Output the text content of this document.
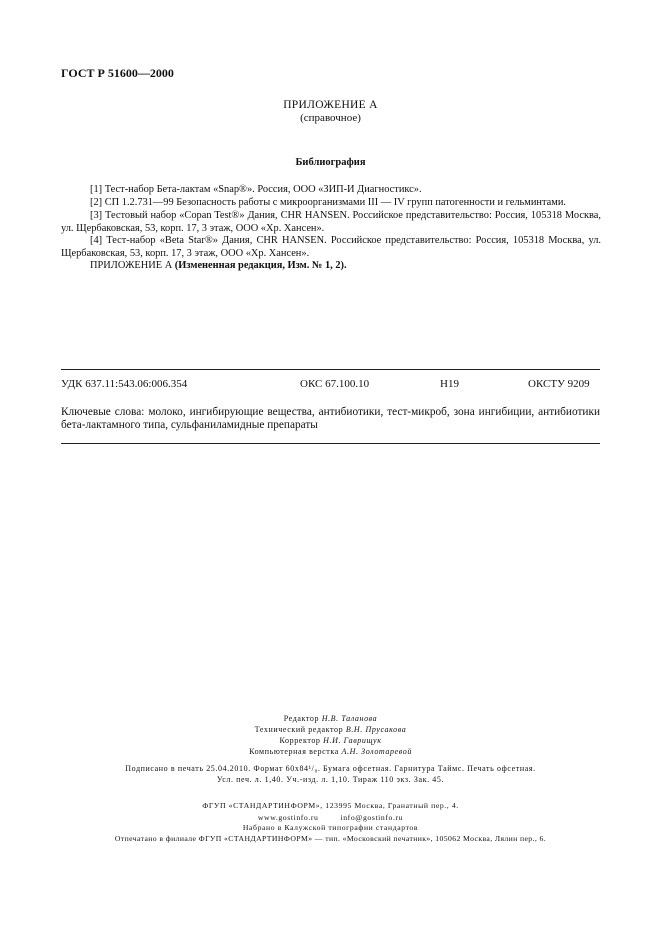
ГОСТ Р 51600—2000
ПРИЛОЖЕНИЕ А
(справочное)
Библиография
[1] Тест-набор Бета-лактам «Snap®». Россия, ООО «ЗИП-И Диагностикс».
[2] СП 1.2.731—99 Безопасность работы с микроорганизмами III — IV групп патогенности и гельминтами.
[3] Тестовый набор «Copan Test®» Дания, CHR HANSEN. Российское представительство: Россия, 105318 Москва, ул. Щербаковская, 53, корп. 17, 3 этаж, ООО «Хр. Хансен».
[4] Тест-набор «Beta Star®» Дания, CHR HANSEN. Российское представительство: Россия, 105318 Москва, ул. Щербаковская, 53, корп. 17, 3 этаж, ООО «Хр. Хансен».
ПРИЛОЖЕНИЕ А (Измененная редакция, Изм. № 1, 2).
УДК 637.11:543.06:006.354	ОКС 67.100.10	Н19	ОКСТУ 9209
Ключевые слова: молоко, ингибирующие вещества, антибиотики, тест-микроб, зона ингибиции, антибиотики бета-лактамного типа, сульфаниламидные препараты
Редактор Н.В. Таланова
Технический редактор В.Н. Прусакова
Корректор Н.И. Гаврищук
Компьютерная верстка А.Н. Золотаревой
Подписано в печать 25.04.2010. Формат 60х84¹/₈. Бумага офсетная. Гарнитура Таймс. Печать офсетная.
Усл. печ. л. 1,40. Уч.-изд. л. 1,10. Тираж 110 экз. Зак. 45.
ФГУП «СТАНДАРТИНФОРМ», 123995 Москва, Гранатный пер., 4.
www.gostinfo.ru	info@gostinfo.ru
Набрано в Калужской типографии стандартов
Отпечатано в филиале ФГУП «СТАНДАРТИНФОРМ» — тип. «Московский печатник», 105062 Москва, Лялин пер., 6.
